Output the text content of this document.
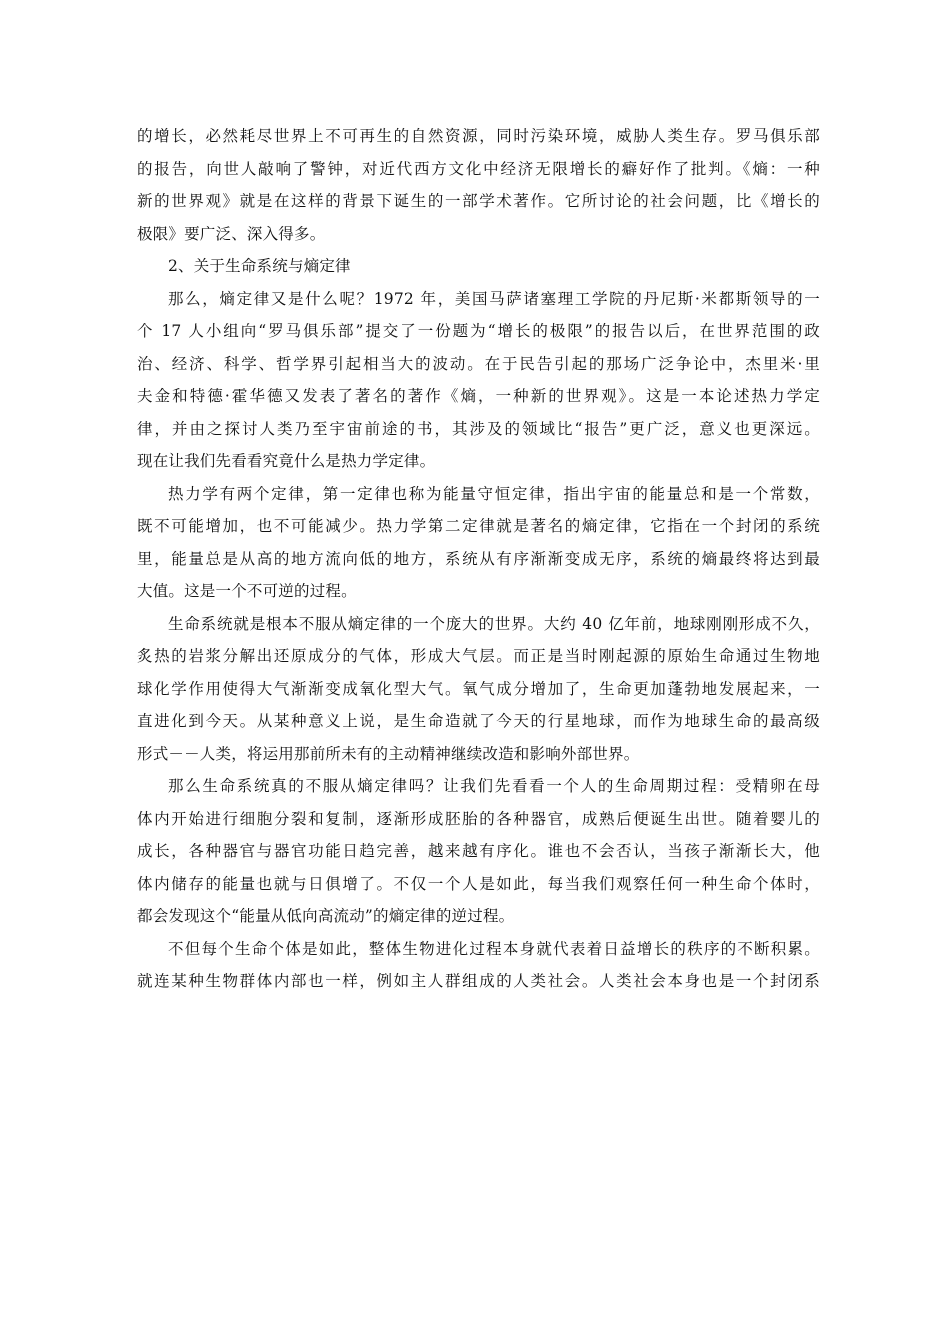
的增长，必然耗尽世界上不可再生的自然资源，同时污染环境，威胁人类生存。罗马俱乐部
的报告，向世人敲响了警钟，对近代西方文化中经济无限增长的癖好作了批判。《熵：一种
新的世界观》就是在这样的背景下诞生的一部学术著作。它所讨论的社会问题，比《增长的
极限》要广泛、深入得多。

2、关于生命系统与熵定律

那么，熵定律又是什么呢？1972 年，美国马萨诸塞理工学院的丹尼斯·米都斯领导的一
个 17 人小组向“罗马俱乐部”提交了一份题为“增长的极限”的报告以后，在世界范围的政
治、经济、科学、哲学界引起相当大的波动。在于民告引起的那场广泛争论中，杰里米·里
夫金和特德·霍华德又发表了著名的著作《熵，一种新的世界观》。这是一本论述热力学定
律，并由之探讨人类乃至宇宙前途的书，其涉及的领域比“报告”更广泛，意义也更深远。
现在让我们先看看究竟什么是热力学定律。

热力学有两个定律，第一定律也称为能量守恒定律，指出宇宙的能量总和是一个常数，
既不可能增加，也不可能减少。热力学第二定律就是著名的熵定律，它指在一个封闭的系统
里，能量总是从高的地方流向低的地方，系统从有序渐渐变成无序，系统的熵最终将达到最
大值。这是一个不可逆的过程。

生命系统就是根本不服从熵定律的一个庞大的世界。大约 40 亿年前，地球刚刚形成不久，
炙热的岩浆分解出还原成分的气体，形成大气层。而正是当时刚起源的原始生命通过生物地
球化学作用使得大气渐渐变成氧化型大气。氧气成分增加了，生命更加蓬勃地发展起来，一
直进化到今天。从某种意义上说，是生命造就了今天的行星地球，而作为地球生命的最高级
形式－－人类，将运用那前所未有的主动精神继续改造和影响外部世界。

那么生命系统真的不服从熵定律吗？让我们先看看一个人的生命周期过程：受精卵在母
体内开始进行细胞分裂和复制，逐渐形成胚胎的各种器官，成熟后便诞生出世。随着婴儿的
成长，各种器官与器官功能日趋完善，越来越有序化。谁也不会否认，当孩子渐渐长大，他
体内储存的能量也就与日俱增了。不仅一个人是如此，每当我们观察任何一种生命个体时，
都会发现这个“能量从低向高流动”的熵定律的逆过程。

不但每个生命个体是如此，整体生物进化过程本身就代表着日益增长的秩序的不断积累。
就连某种生物群体内部也一样，例如主人群组成的人类社会。人类社会本身也是一个封闭系
